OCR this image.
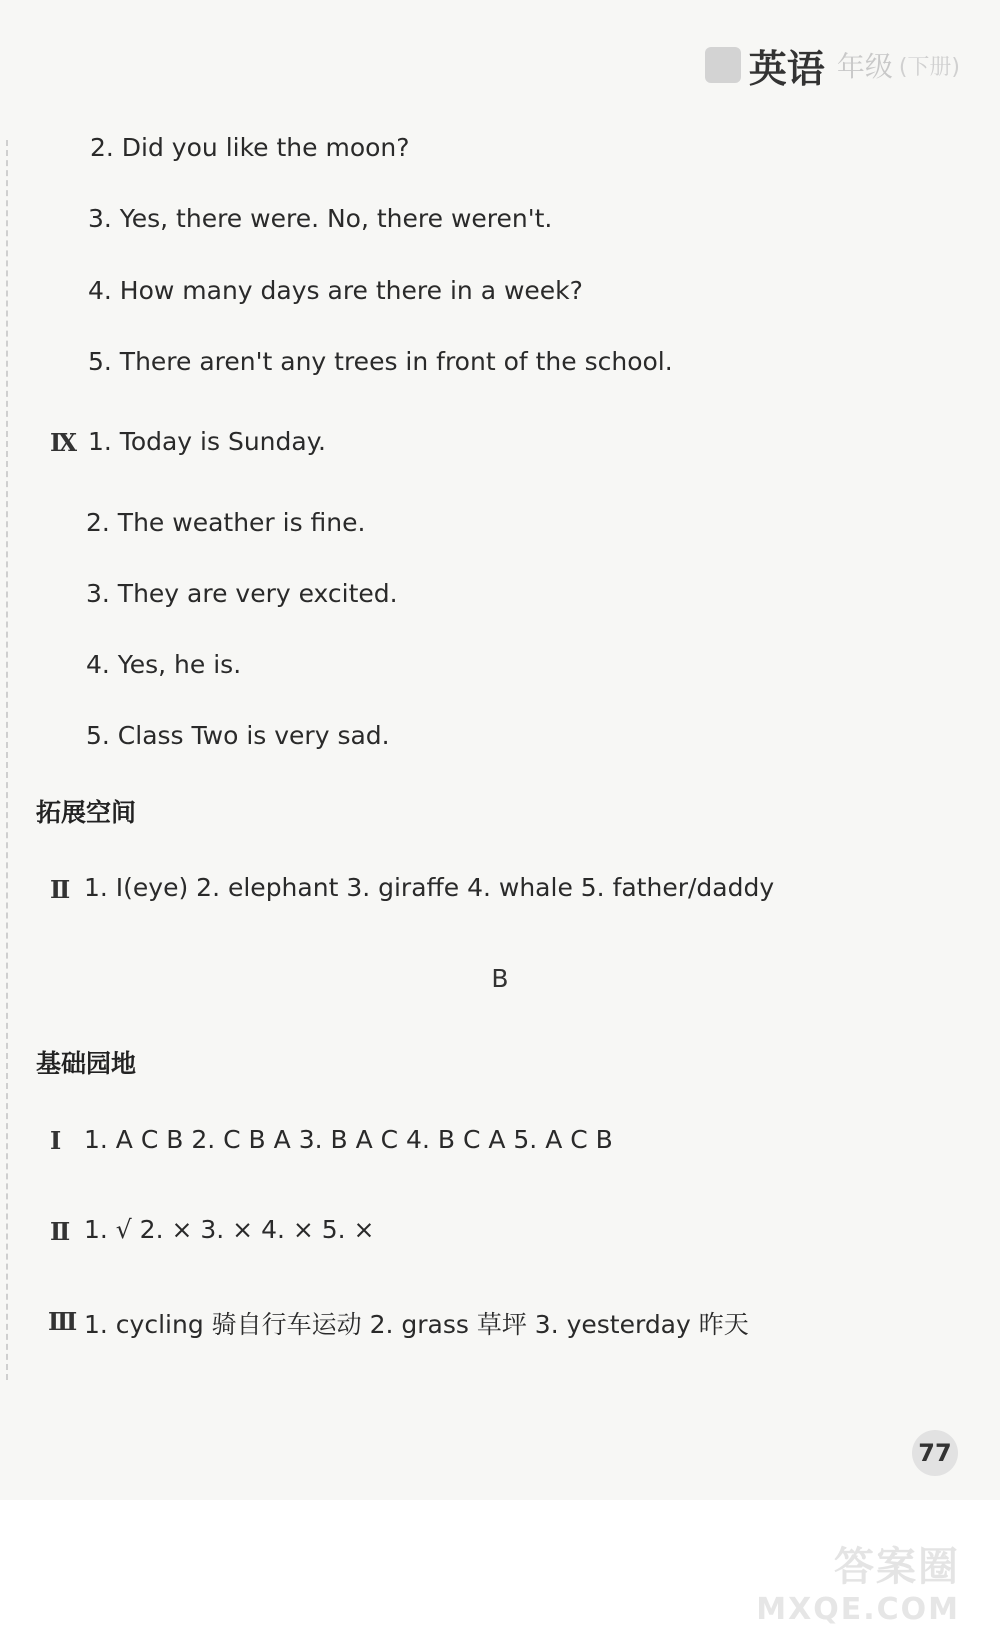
英语 年级 (下册)
2. Did you like the moon?
3. Yes, there were. No, there weren't.
4. How many days are there in a week?
5. There aren't any trees in front of the school.
Ⅸ 1. Today is Sunday.
2. The weather is fine.
3. They are very excited.
4. Yes, he is.
5. Class Two is very sad.
拓展空间
Ⅱ 1. I(eye) 2. elephant 3. giraffe 4. whale 5. father/daddy
B
基础园地
Ⅰ 1. A C B 2. C B A 3. B A C 4. B C A 5. A C B
Ⅱ 1. √ 2. × 3. × 4. × 5. ×
Ⅲ 1. cycling 骑自行车运动 2. grass 草坪 3. yesterday 昨天
77
答案圈
MXQE.COM
